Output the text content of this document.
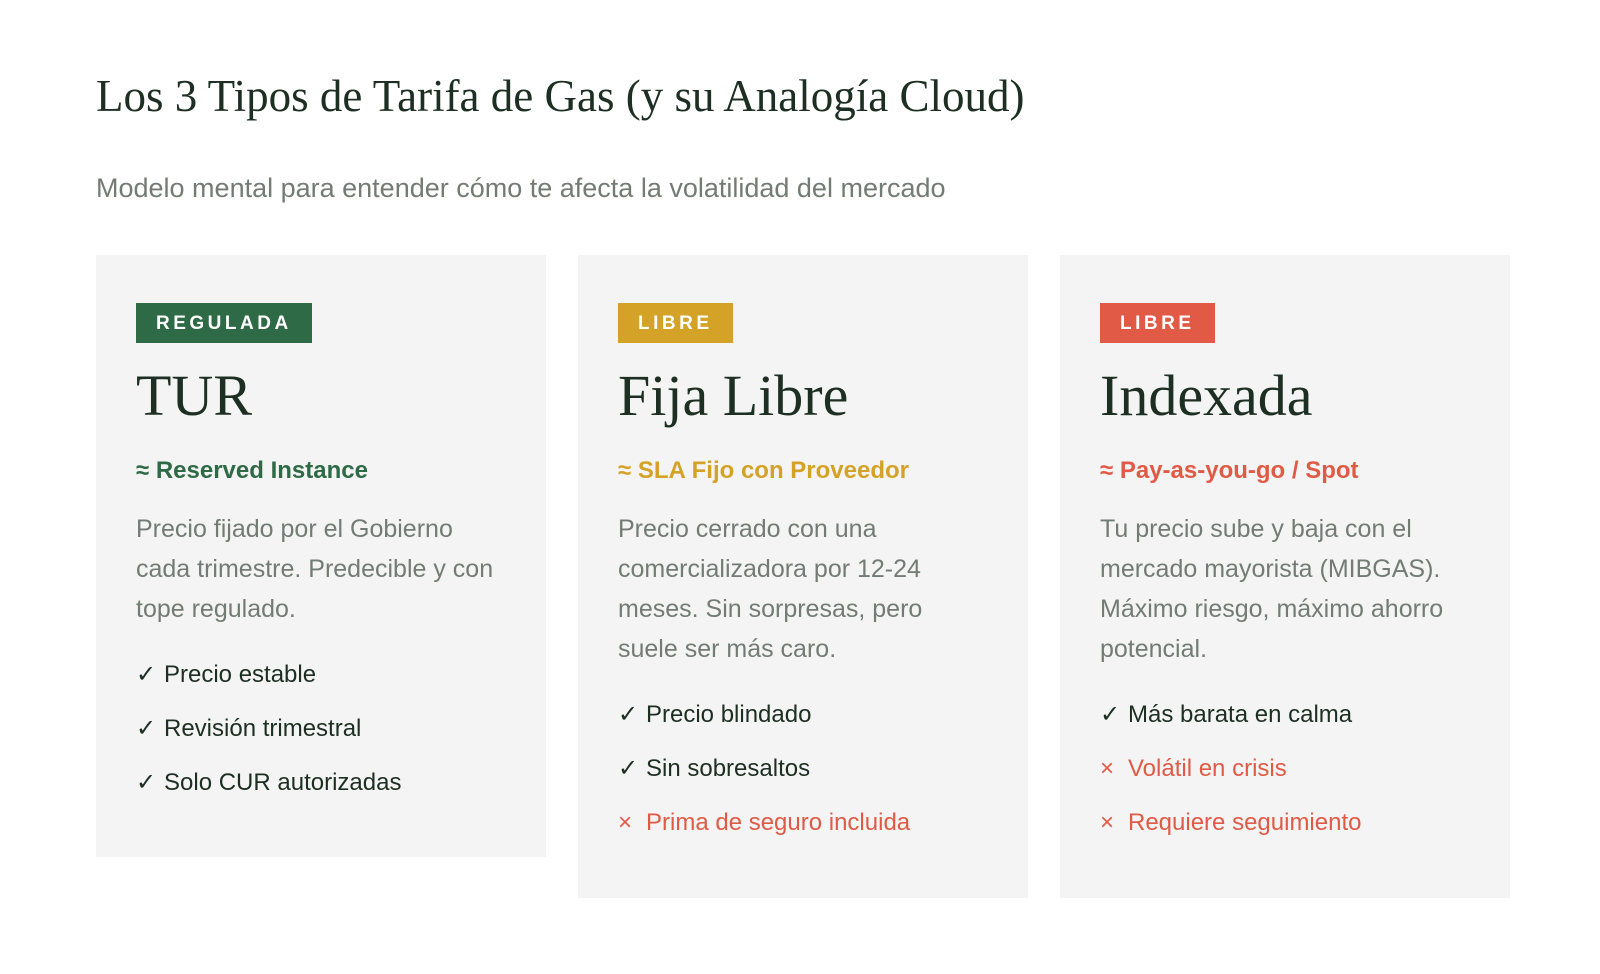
Los 3 Tipos de Tarifa de Gas (y su Analogía Cloud)

Modelo mental para entender cómo te afecta la volatilidad del mercado

REGULADA
TUR
≈ Reserved Instance
Precio fijado por el Gobierno cada trimestre. Predecible y con tope regulado.
✓ Precio estable
✓ Revisión trimestral
✓ Solo CUR autorizadas
LIBRE
Fija Libre
≈ SLA Fijo con Proveedor
Precio cerrado con una comercializadora por 12-24 meses. Sin sorpresas, pero suele ser más caro.
✓ Precio blindado
✓ Sin sobresaltos
× Prima de seguro incluida
LIBRE
Indexada
≈ Pay-as-you-go / Spot
Tu precio sube y baja con el mercado mayorista (MIBGAS). Máximo riesgo, máximo ahorro potencial.
✓ Más barata en calma
× Volátil en crisis
× Requiere seguimiento
